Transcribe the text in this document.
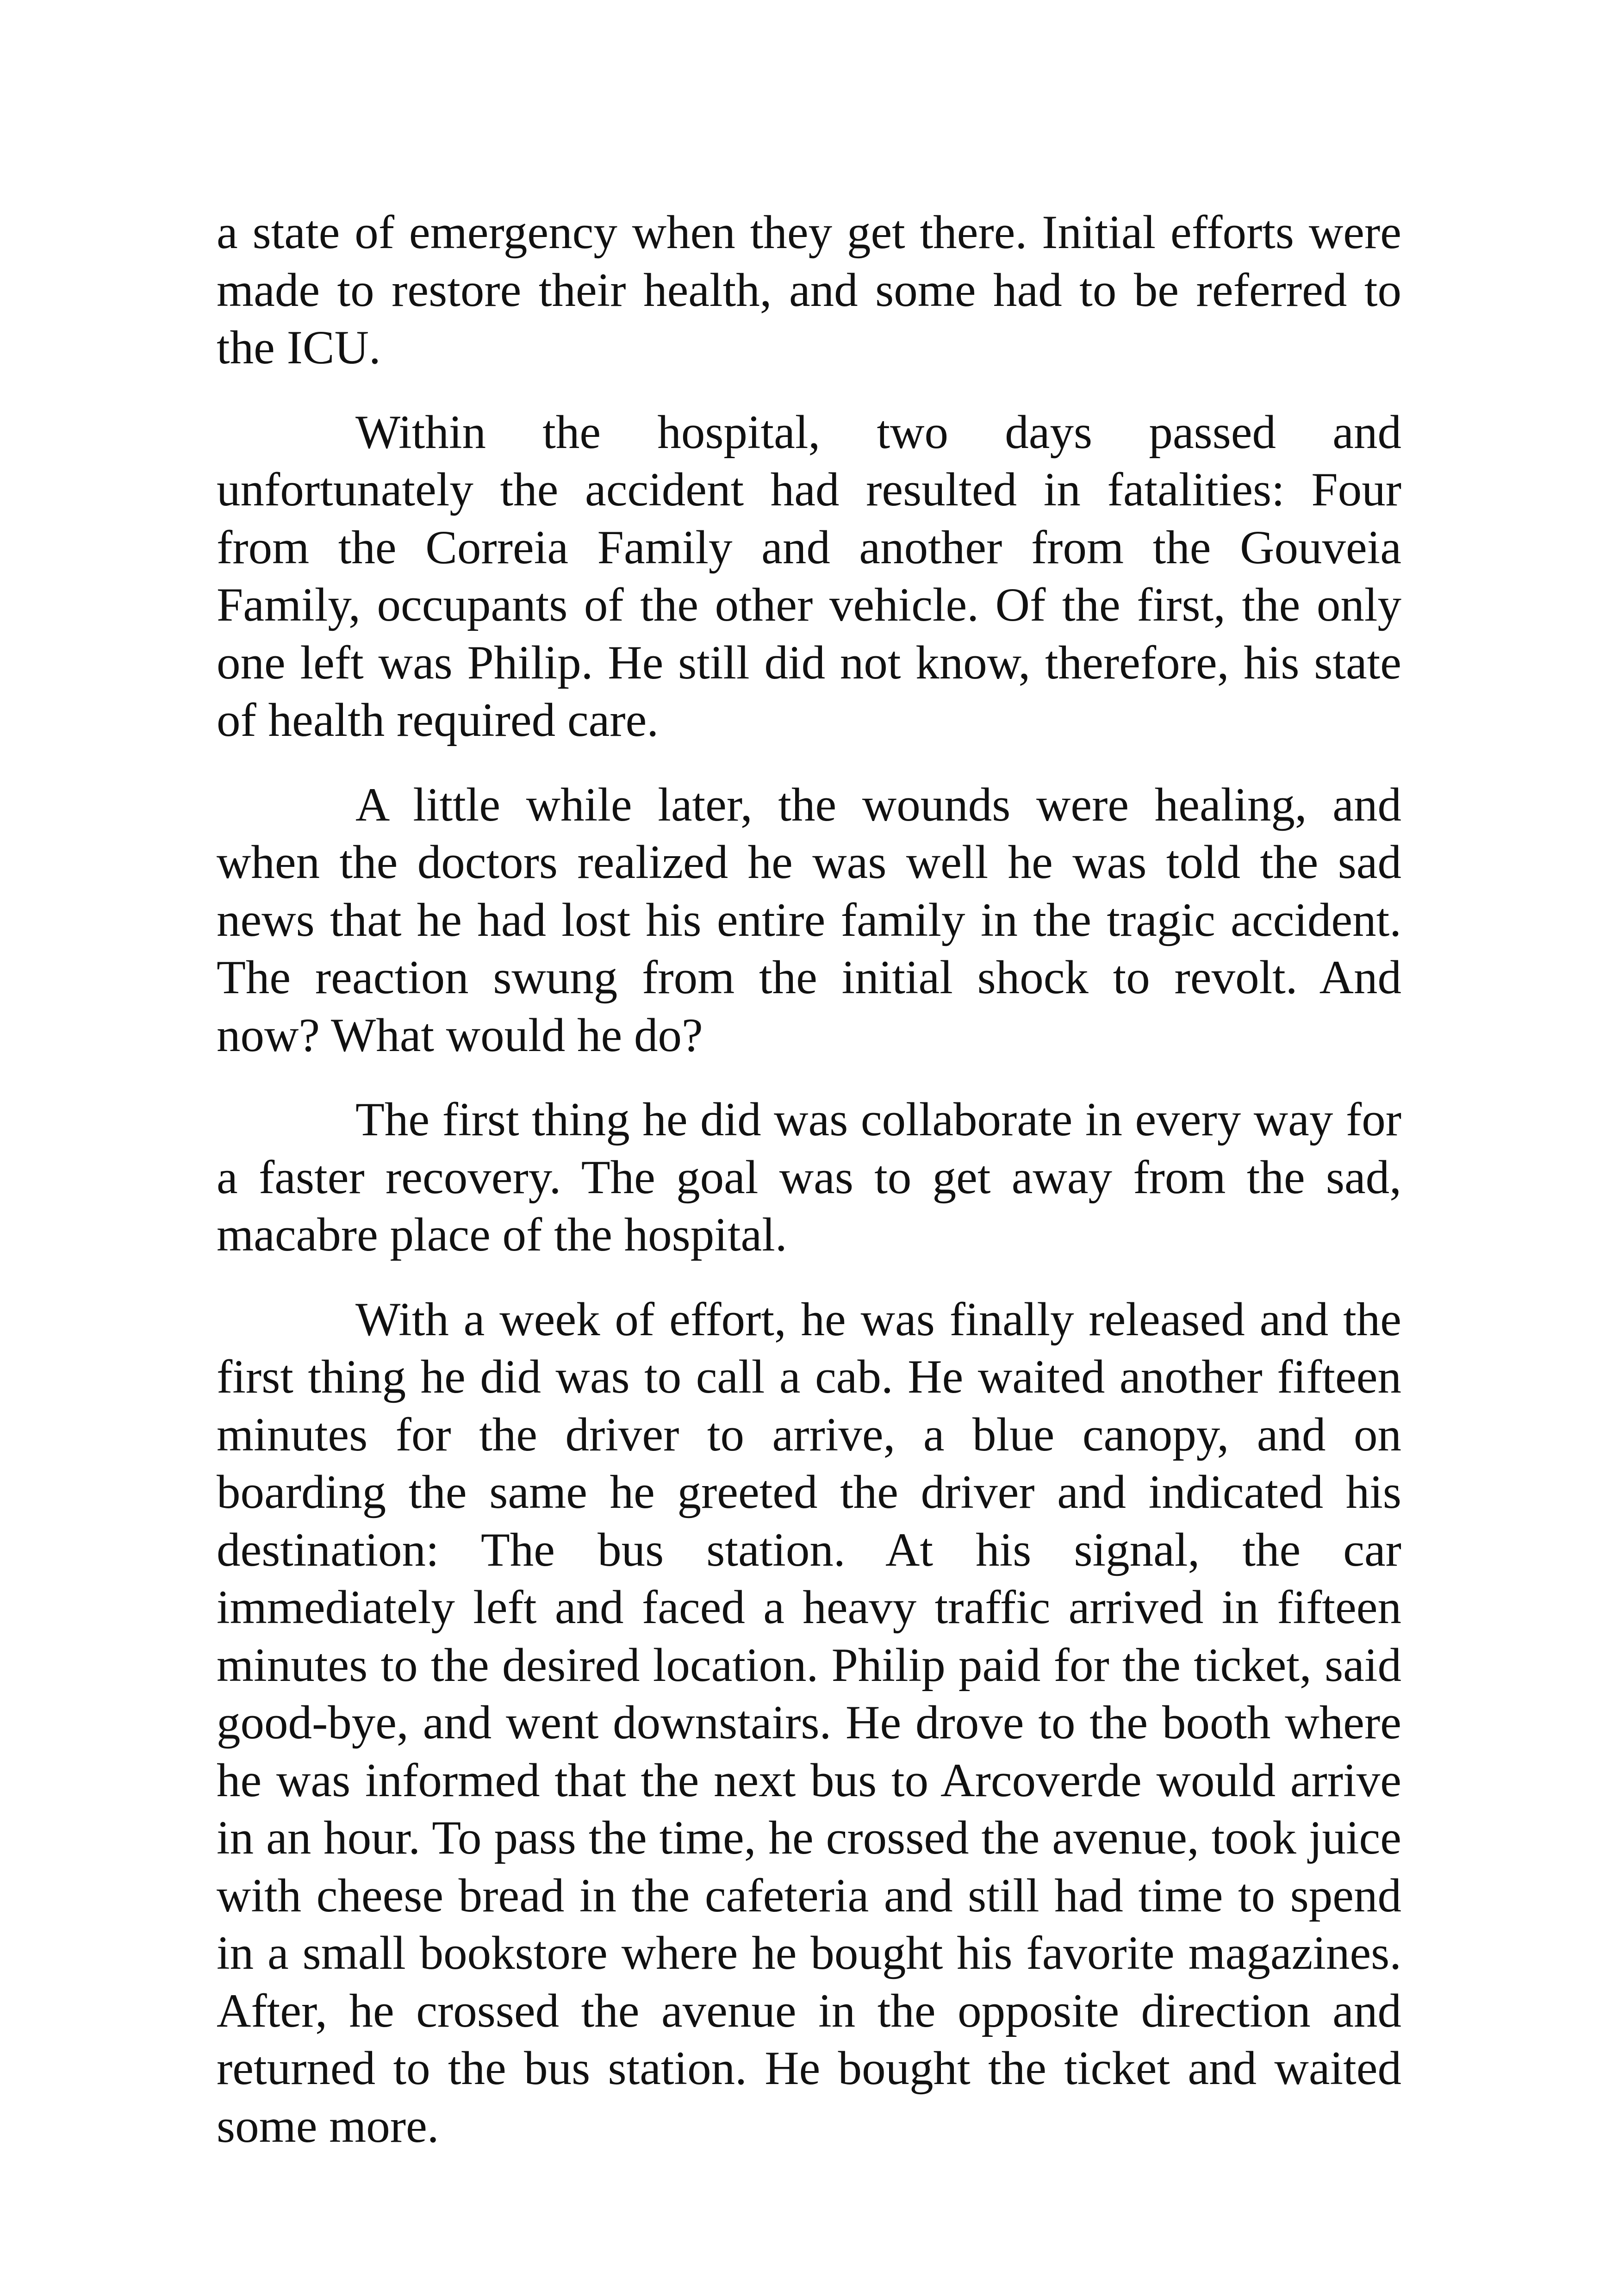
a state of emergency when they get there. Initial efforts were made to restore their health, and some had to be referred to the ICU.

Within the hospital, two days passed and unfortunately the accident had resulted in fatalities: Four from the Correia Family and another from the Gouveia Family, occupants of the other vehicle. Of the first, the only one left was Philip. He still did not know, therefore, his state of health required care.

A little while later, the wounds were healing, and when the doctors realized he was well he was told the sad news that he had lost his entire family in the tragic accident. The reaction swung from the initial shock to revolt. And now? What would he do?

The first thing he did was collaborate in every way for a faster recovery. The goal was to get away from the sad, macabre place of the hospital.

With a week of effort, he was finally released and the first thing he did was to call a cab. He waited another fifteen minutes for the driver to arrive, a blue canopy, and on boarding the same he greeted the driver and indicated his destination: The bus station. At his signal, the car immediately left and faced a heavy traffic arrived in fifteen minutes to the desired location. Philip paid for the ticket, said good-bye, and went downstairs. He drove to the booth where he was informed that the next bus to Arcoverde would arrive in an hour. To pass the time, he crossed the avenue, took juice with cheese bread in the cafeteria and still had time to spend in a small bookstore where he bought his favorite magazines. After, he crossed the avenue in the opposite direction and returned to the bus station. He bought the ticket and waited some more.
